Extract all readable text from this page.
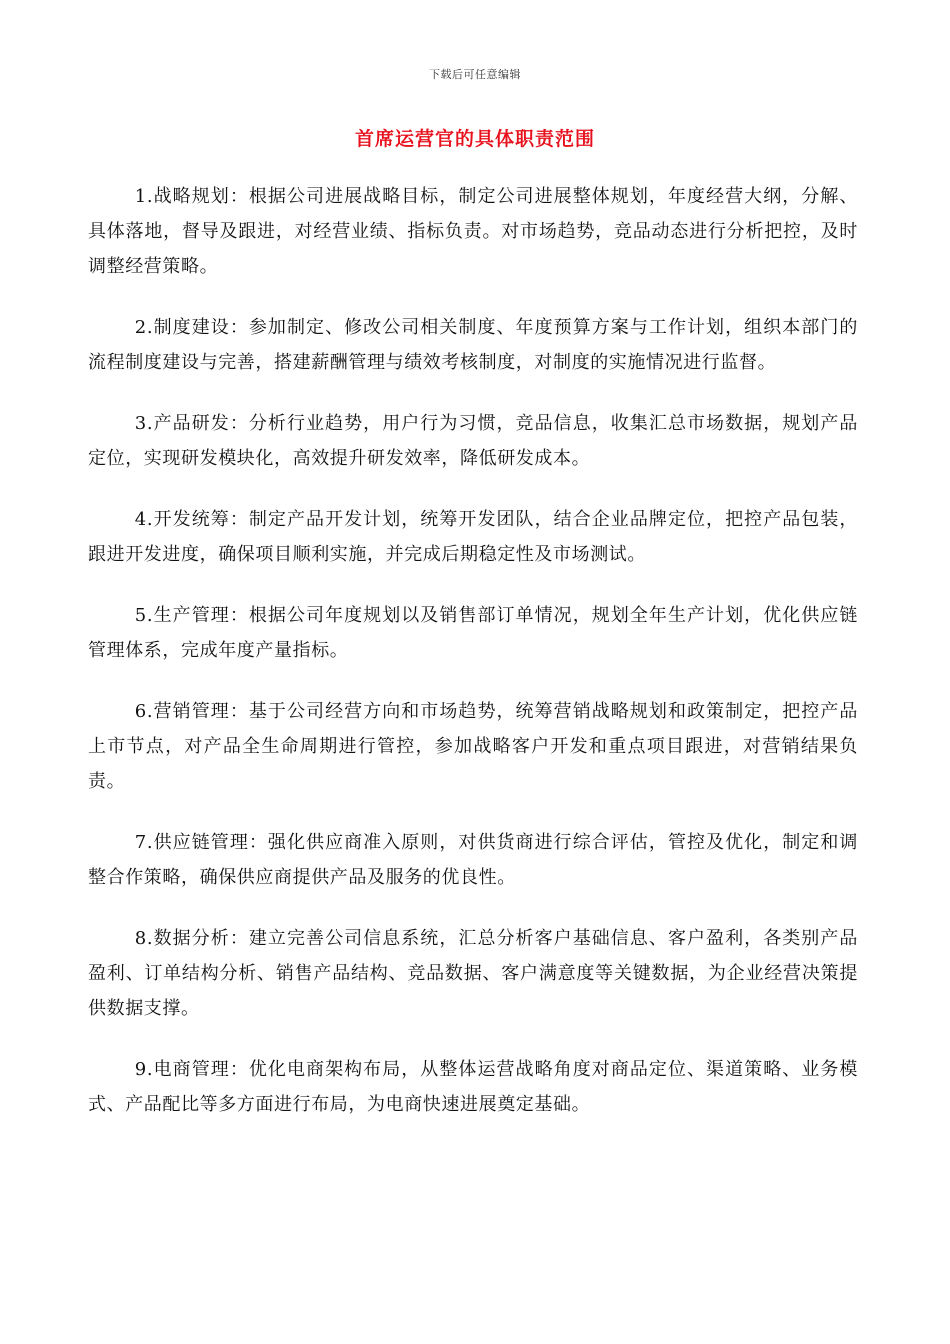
下载后可任意编辑
首席运营官的具体职责范围

1.战略规划：根据公司进展战略目标，制定公司进展整体规划，年度经营大纲，分解、具体落地，督导及跟进，对经营业绩、指标负责。对市场趋势，竞品动态进行分析把控，及时调整经营策略。

2.制度建设：参加制定、修改公司相关制度、年度预算方案与工作计划，组织本部门的流程制度建设与完善，搭建薪酬管理与绩效考核制度，对制度的实施情况进行监督。

3.产品研发：分析行业趋势，用户行为习惯，竞品信息，收集汇总市场数据，规划产品定位，实现研发模块化，高效提升研发效率，降低研发成本。

4.开发统筹：制定产品开发计划，统筹开发团队，结合企业品牌定位，把控产品包装，跟进开发进度，确保项目顺利实施，并完成后期稳定性及市场测试。

5.生产管理：根据公司年度规划以及销售部订单情况，规划全年生产计划，优化供应链管理体系，完成年度产量指标。

6.营销管理：基于公司经营方向和市场趋势，统筹营销战略规划和政策制定，把控产品上市节点，对产品全生命周期进行管控，参加战略客户开发和重点项目跟进，对营销结果负责。

7.供应链管理：强化供应商准入原则，对供货商进行综合评估，管控及优化，制定和调整合作策略，确保供应商提供产品及服务的优良性。

8.数据分析：建立完善公司信息系统，汇总分析客户基础信息、客户盈利，各类别产品盈利、订单结构分析、销售产品结构、竞品数据、客户满意度等关键数据，为企业经营决策提供数据支撑。

9.电商管理：优化电商架构布局，从整体运营战略角度对商品定位、渠道策略、业务模式、产品配比等多方面进行布局，为电商快速进展奠定基础。
